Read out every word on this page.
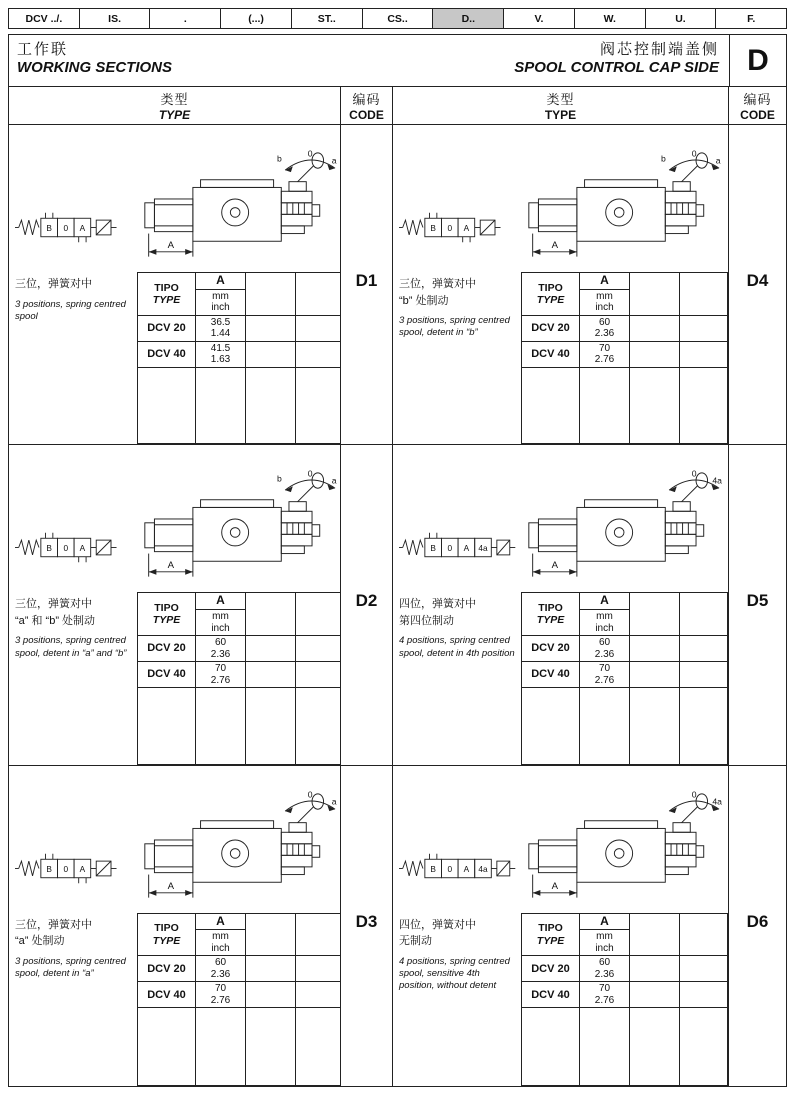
DCV ../.	IS.	.	(...)	ST..	CS..	D..	V.	W.	U.	F.
工作联
WORKING SECTIONS
阀芯控制端盖侧
SPOOL CONTROL CAP SIDE D
类型
TYPE
编码
CODE
类型
TYPE
编码
CODE
B 0 A
三位，弹簧对中
3 positions, spring centred spool
b	0
a
A
TIPO
TYPE	A		

	mm
inch		

DCV 20	36.5
1.44		

DCV 40	41.5
1.63		

D1
B 0 A
三位，弹簧对中
“b” 处制动
3 positions, spring centred spool, detent in “b”
b	0
a
A
TIPO
TYPE	A		

	mm
inch		

DCV 20	60
2.36		

DCV 40	70
2.76		

D4
B 0 A
三位，弹簧对中
“a” 和 “b” 处制动
3 positions, spring centred spool, detent in “a” and “b”
b	0
a
A
TIPO
TYPE	A		

	mm
inch		

DCV 20	60
2.36		

DCV 40	70
2.76		

D2
B 0 A 4a
四位，弹簧对中
第四位制动
4 positions, spring centred spool, detent in 4th position
0
4a
A
TIPO
TYPE	A		

	mm
inch		

DCV 20	60
2.36		

DCV 40	70
2.76		

D5
B 0 A
三位，弹簧对中
“a” 处制动
3 positions, spring centred spool, detent in “a”
0
a
A
TIPO
TYPE	A		

	mm
inch		

DCV 20	60
2.36		

DCV 40	70
2.76		

D3
B 0 A 4a
四位，弹簧对中
无制动
4 positions, spring centred spool, sensitive 4th position, without detent
0
4a
A
TIPO
TYPE	A		

	mm
inch		

DCV 20	60
2.36		

DCV 40	70
2.76		

D6
